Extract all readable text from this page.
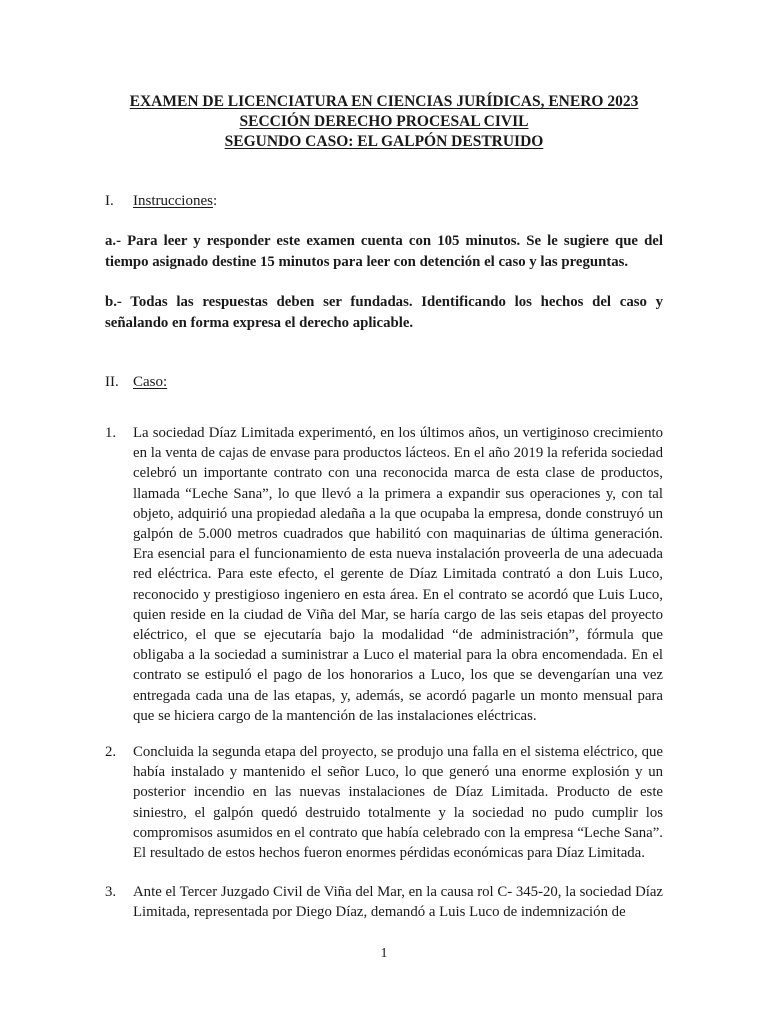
EXAMEN DE LICENCIATURA EN CIENCIAS JURÍDICAS, ENERO 2023
SECCIÓN DERECHO PROCESAL CIVIL
SEGUNDO CASO: EL GALPÓN DESTRUIDO
I. Instrucciones:

a.- Para leer y responder este examen cuenta con 105 minutos. Se le sugiere que del tiempo asignado destine 15 minutos para leer con detención el caso y las preguntas.

b.- Todas las respuestas deben ser fundadas. Identificando los hechos del caso y señalando en forma expresa el derecho aplicable.

II. Caso:
1. La sociedad Díaz Limitada experimentó, en los últimos años, un vertiginoso crecimiento en la venta de cajas de envase para productos lácteos. En el año 2019 la referida sociedad celebró un importante contrato con una reconocida marca de esta clase de productos, llamada “Leche Sana”, lo que llevó a la primera a expandir sus operaciones y, con tal objeto, adquirió una propiedad aledaña a la que ocupaba la empresa, donde construyó un galpón de 5.000 metros cuadrados que habilitó con maquinarias de última generación. Era esencial para el funcionamiento de esta nueva instalación proveerla de una adecuada red eléctrica. Para este efecto, el gerente de Díaz Limitada contrató a don Luis Luco, reconocido y prestigioso ingeniero en esta área. En el contrato se acordó que Luis Luco, quien reside en la ciudad de Viña del Mar, se haría cargo de las seis etapas del proyecto eléctrico, el que se ejecutaría bajo la modalidad “de administración”, fórmula que obligaba a la sociedad a suministrar a Luco el material para la obra encomendada. En el contrato se estipuló el pago de los honorarios a Luco, los que se devengarían una vez entregada cada una de las etapas, y, además, se acordó pagarle un monto mensual para que se hiciera cargo de la mantención de las instalaciones eléctricas.

2. Concluida la segunda etapa del proyecto, se produjo una falla en el sistema eléctrico, que había instalado y mantenido el señor Luco, lo que generó una enorme explosión y un posterior incendio en las nuevas instalaciones de Díaz Limitada. Producto de este siniestro, el galpón quedó destruido totalmente y la sociedad no pudo cumplir los compromisos asumidos en el contrato que había celebrado con la empresa “Leche Sana”. El resultado de estos hechos fueron enormes pérdidas económicas para Díaz Limitada.

3. Ante el Tercer Juzgado Civil de Viña del Mar, en la causa rol C- 345-20, la sociedad Díaz Limitada, representada por Diego Díaz, demandó a Luis Luco de indemnización de

1
